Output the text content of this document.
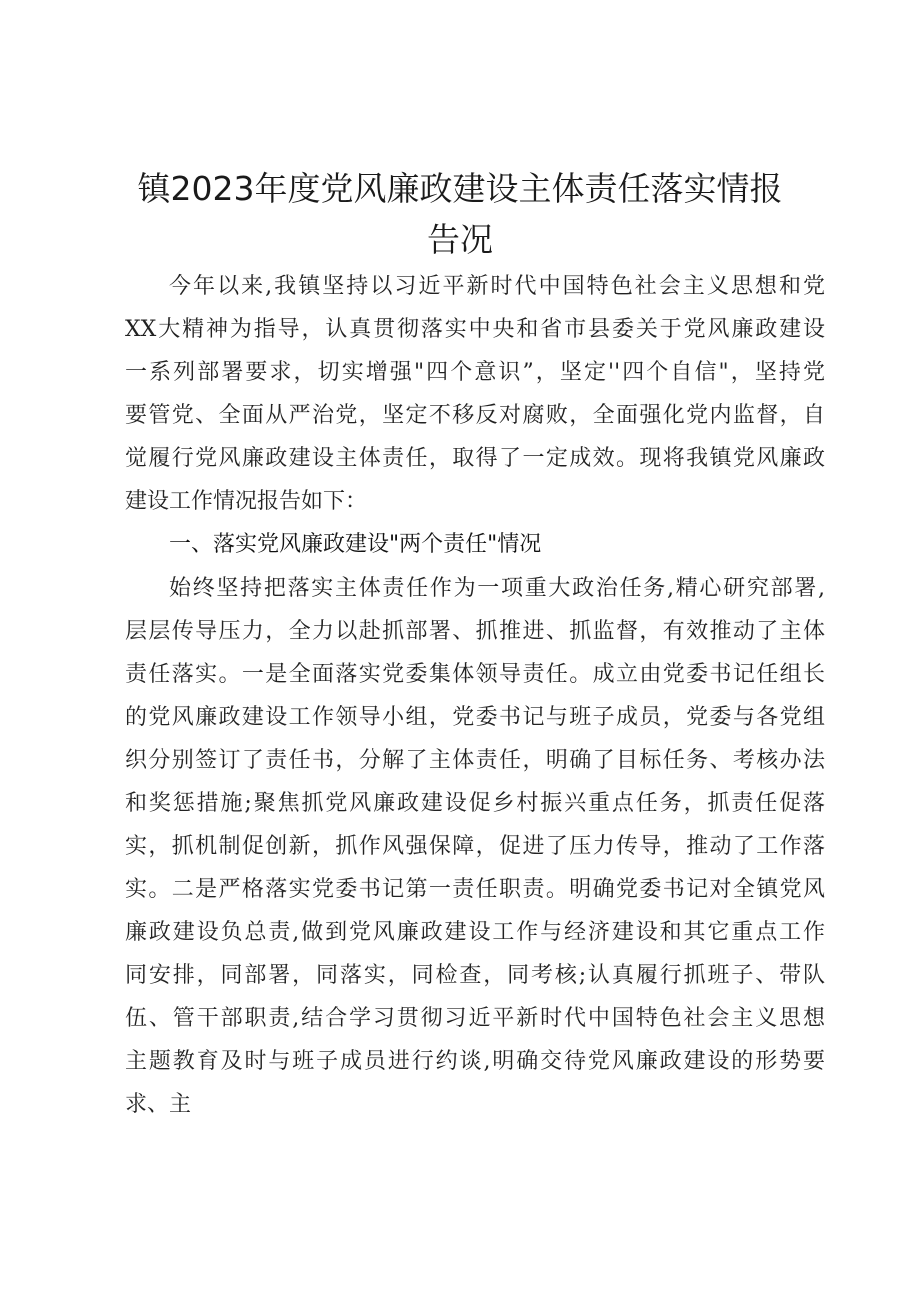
镇2023年度党风廉政建设主体责任落实情报
告况
今年以来,我镇坚持以习近平新时代中国特色社会主义思想和党
XX大精神为指导，认真贯彻落实中央和省市县委关于党风廉政建设
一系列部署要求，切实增强"四个意识”，坚定''四个自信"，坚持党
要管党、全面从严治党，坚定不移反对腐败，全面强化党内监督，自
觉履行党风廉政建设主体责任，取得了一定成效。现将我镇党风廉政
建设工作情况报告如下：
一、落实党风廉政建设"两个责任"情况
始终坚持把落实主体责任作为一项重大政治任务,精心研究部署,
层层传导压力，全力以赴抓部署、抓推进、抓监督，有效推动了主体
责任落实。一是全面落实党委集体领导责任。成立由党委书记任组长
的党风廉政建设工作领导小组，党委书记与班子成员，党委与各党组
织分别签订了责任书，分解了主体责任，明确了目标任务、考核办法
和奖惩措施;聚焦抓党风廉政建设促乡村振兴重点任务，抓责任促落
实，抓机制促创新，抓作风强保障，促进了压力传导，推动了工作落
实。二是严格落实党委书记第一责任职责。明确党委书记对全镇党风
廉政建设负总责,做到党风廉政建设工作与经济建设和其它重点工作
同安排，同部署，同落实，同检查，同考核;认真履行抓班子、带队
伍、管干部职责,结合学习贯彻习近平新时代中国特色社会主义思想
主题教育及时与班子成员进行约谈,明确交待党风廉政建设的形势要
求、主
